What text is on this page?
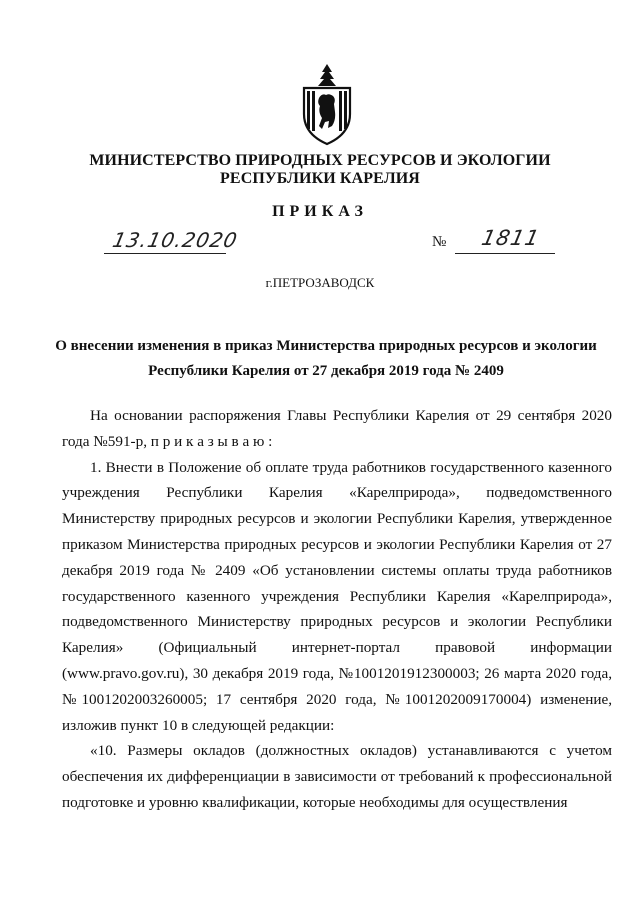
МИНИСТЕРСТВО ПРИРОДНЫХ РЕСУРСОВ И ЭКОЛОГИИ
РЕСПУБЛИКИ КАРЕЛИЯ
ПРИКАЗ
13.10.2020	№ 1811
г.ПЕТРОЗАВОДСК
О внесении изменения в приказ Министерства природных ресурсов и экологии
Республики Карелия от 27 декабря 2019 года № 2409

На основании распоряжения Главы Республики Карелия от 29 сентября 2020 года №591-р, п р и к а з ы в а ю :

1. Внести в Положение об оплате труда работников государственного казенного учреждения Республики Карелия «Карелприрода», подведомственного Министерству природных ресурсов и экологии Республики Карелия, утвержденное приказом Министерства природных ресурсов и экологии Республики Карелия от 27 декабря 2019 года № 2409 «Об установлении системы оплаты труда работников государственного казенного учреждения Республики Карелия «Карелприрода», подведомственного Министерству природных ресурсов и экологии Республики Карелия» (Официальный интернет-портал правовой информации (www.pravo.gov.ru), 30 декабря 2019 года, №1001201912300003; 26 марта 2020 года, №1001202003260005; 17 сентября 2020 года, №1001202009170004) изменение, изложив пункт 10 в следующей редакции:

«10. Размеры окладов (должностных окладов) устанавливаются с учетом обеспечения их дифференциации в зависимости от требований к профессиональной подготовке и уровню квалификации, которые необходимы для осуществления
